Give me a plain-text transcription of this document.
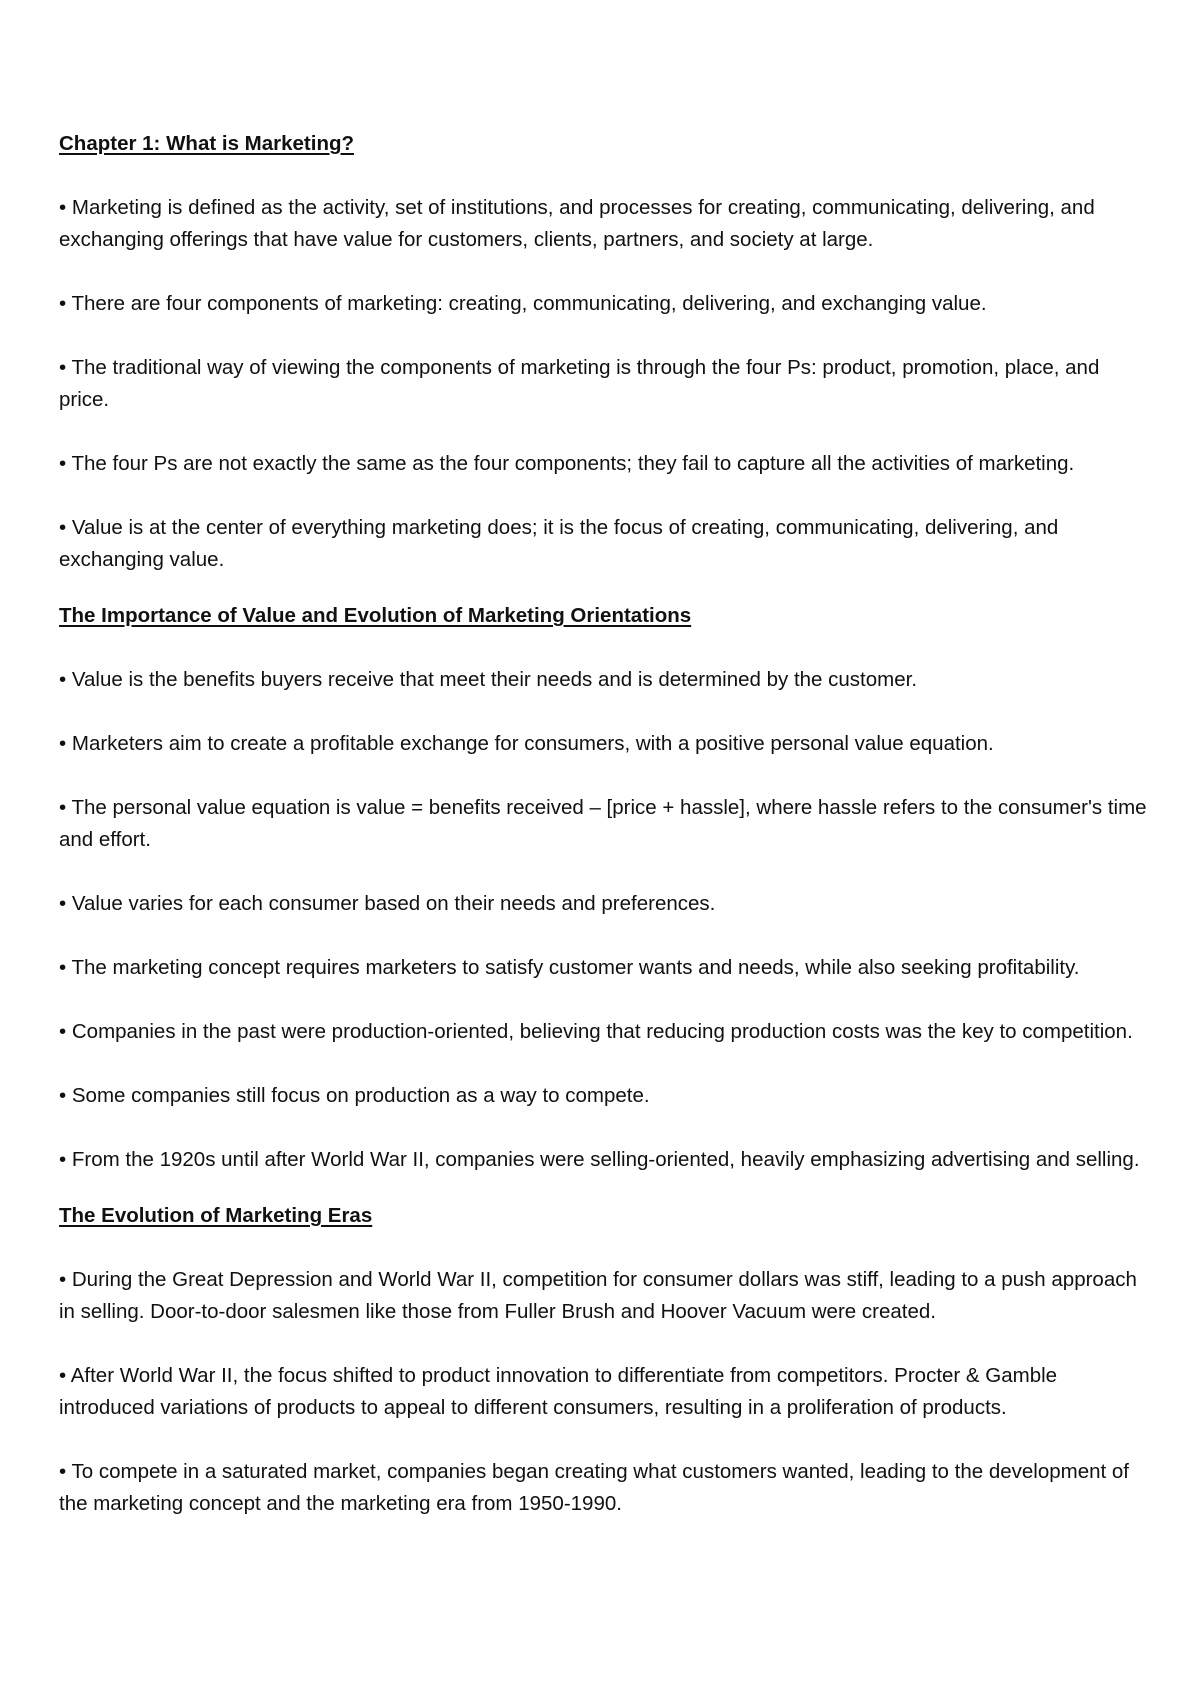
Chapter 1: What is Marketing?
• Marketing is defined as the activity, set of institutions, and processes for creating, communicating, delivering, and exchanging offerings that have value for customers, clients, partners, and society at large.
• There are four components of marketing: creating, communicating, delivering, and exchanging value.
• The traditional way of viewing the components of marketing is through the four Ps: product, promotion, place, and price.
• The four Ps are not exactly the same as the four components; they fail to capture all the activities of marketing.
• Value is at the center of everything marketing does; it is the focus of creating, communicating, delivering, and exchanging value.
The Importance of Value and Evolution of Marketing Orientations
• Value is the benefits buyers receive that meet their needs and is determined by the customer.
• Marketers aim to create a profitable exchange for consumers, with a positive personal value equation.
• The personal value equation is value = benefits received – [price + hassle], where hassle refers to the consumer's time and effort.
• Value varies for each consumer based on their needs and preferences.
• The marketing concept requires marketers to satisfy customer wants and needs, while also seeking profitability.
• Companies in the past were production-oriented, believing that reducing production costs was the key to competition.
• Some companies still focus on production as a way to compete.
• From the 1920s until after World War II, companies were selling-oriented, heavily emphasizing advertising and selling.
The Evolution of Marketing Eras
• During the Great Depression and World War II, competition for consumer dollars was stiff, leading to a push approach in selling. Door-to-door salesmen like those from Fuller Brush and Hoover Vacuum were created.
• After World War II, the focus shifted to product innovation to differentiate from competitors. Procter & Gamble introduced variations of products to appeal to different consumers, resulting in a proliferation of products.
• To compete in a saturated market, companies began creating what customers wanted, leading to the development of the marketing concept and the marketing era from 1950-1990.
